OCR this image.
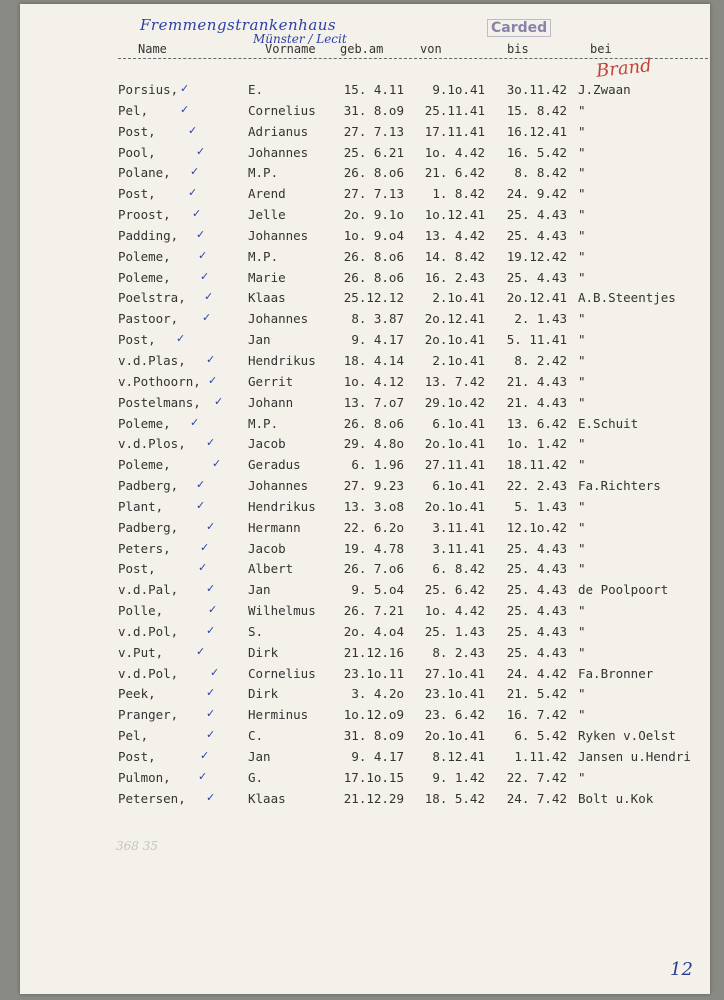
Fremmengstrankenhaus
Münster / Lecit
Carded
Brand
Name	Vorname geb.am	von	bis	bei
Porsius,	E.	15. 4.11	9.1o.41	3o.11.42 J.Zwaan
✓
Pel,	Cornelius	31. 8.o9	25.11.41	15. 8.42 "
✓
Post,	Adrianus	27. 7.13	17.11.41	16.12.41 "
✓
Pool,	Johannes	25. 6.21	1o. 4.42	16. 5.42 "
✓
Polane,	M.P.	26. 8.o6	21. 6.42	8. 8.42 "
✓
Post,	Arend	27. 7.13	1. 8.42	24. 9.42 "
✓
Proost,	Jelle	2o. 9.1o	1o.12.41	25. 4.43 "
✓
Padding,	Johannes	1o. 9.o4	13. 4.42	25. 4.43 "
✓
Poleme,	M.P.	26. 8.o6	14. 8.42	19.12.42 "
✓
Poleme,	Marie	26. 8.o6	16. 2.43	25. 4.43 "
✓
Poelstra,	Klaas	25.12.12	2.1o.41	2o.12.41 A.B.Steentjes
✓
Pastoor,	Johannes	8. 3.87	2o.12.41	2. 1.43 "
✓
Post,	Jan	9. 4.17	2o.1o.41	5. 11.41 "
✓
v.d.Plas,	Hendrikus	18. 4.14	2.1o.41	8. 2.42 "
✓
v.Pothoorn,	Gerrit	1o. 4.12	13. 7.42	21. 4.43 "
✓
Postelmans,	Johann	13. 7.o7	29.1o.42	21. 4.43 "
✓
Poleme,	M.P.	26. 8.o6	6.1o.41	13. 6.42 E.Schuit
✓
v.d.Plos,	Jacob	29. 4.8o	2o.1o.41	1o. 1.42 "
✓
Poleme,	Geradus	6. 1.96	27.11.41	18.11.42 "
✓
Padberg,	Johannes	27. 9.23	6.1o.41	22. 2.43 Fa.Richters
✓
Plant,	Hendrikus	13. 3.o8	2o.1o.41	5. 1.43 "
✓
Padberg,	Hermann	22. 6.2o	3.11.41	12.1o.42 "
✓
Peters,	Jacob	19. 4.78	3.11.41	25. 4.43 "
✓
Post,	Albert	26. 7.o6	6. 8.42	25. 4.43 "
✓
v.d.Pal,	Jan	9. 5.o4	25. 6.42	25. 4.43 de Poolpoort
✓
Polle,	Wilhelmus	26. 7.21	1o. 4.42	25. 4.43 "
✓
v.d.Pol,	S.	2o. 4.o4	25. 1.43	25. 4.43 "
✓
v.Put,	Dirk	21.12.16	8. 2.43	25. 4.43 "
✓
v.d.Pol,	Cornelius	23.1o.11	27.1o.41	24. 4.42 Fa.Bronner
✓
Peek,	Dirk	3. 4.2o	23.1o.41	21. 5.42 "
✓
Pranger,	Herminus	1o.12.o9	23. 6.42	16. 7.42 "
✓
Pel,	C.	31. 8.o9	2o.1o.41	6. 5.42 Ryken v.Oelst
✓
Post,	Jan	9. 4.17	8.12.41	1.11.42 Jansen u.Hendri
✓
Pulmon,	G.	17.1o.15	9. 1.42	22. 7.42 "
✓
Petersen,	Klaas	21.12.29	18. 5.42	24. 7.42 Bolt u.Kok
✓
368 35
12
